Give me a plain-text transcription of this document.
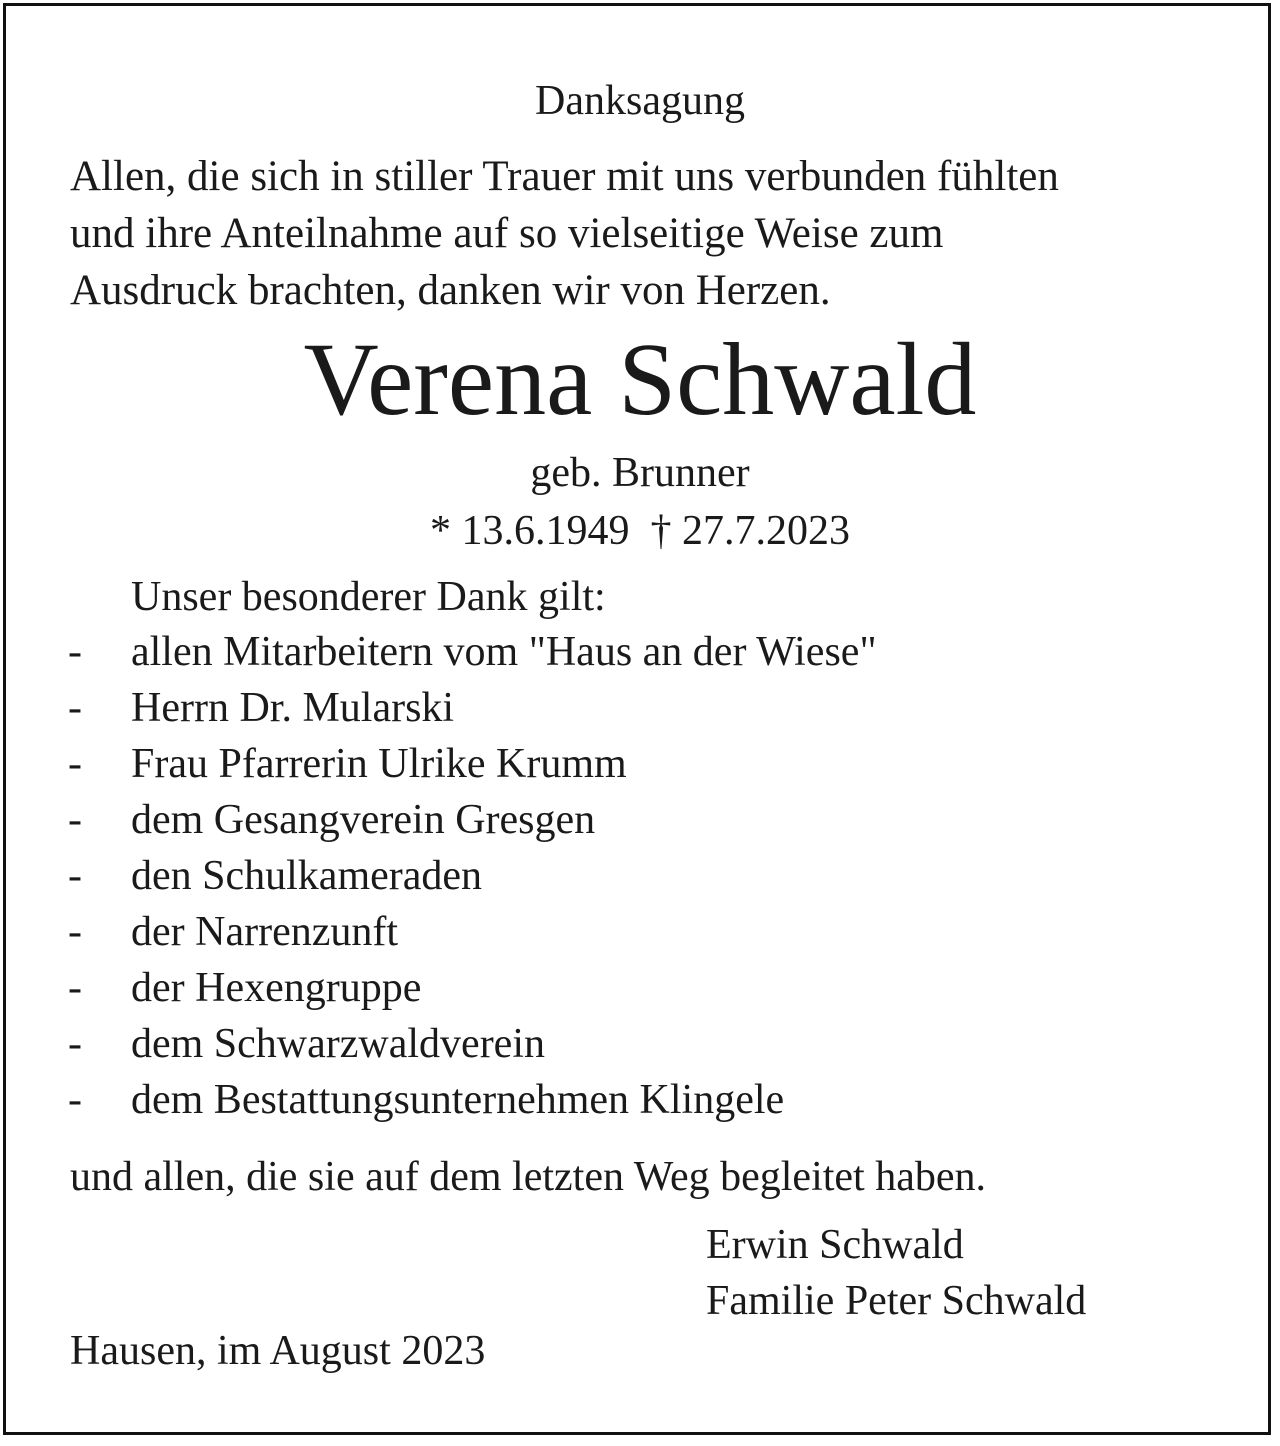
Danksagung
Allen, die sich in stiller Trauer mit uns verbunden fühlten
und ihre Anteilnahme auf so vielseitige Weise zum
Ausdruck brachten, danken wir von Herzen.
Verena Schwald
geb. Brunner
* 13.6.1949  † 27.7.2023
Unser besonderer Dank gilt:
- allen Mitarbeitern vom "Haus an der Wiese"
- Herrn Dr. Mularski
- Frau Pfarrerin Ulrike Krumm
- dem Gesangverein Gresgen
- den Schulkameraden
- der Narrenzunft
- der Hexengruppe
- dem Schwarzwaldverein
- dem Bestattungsunternehmen Klingele
und allen, die sie auf dem letzten Weg begleitet haben.
Erwin Schwald
Familie Peter Schwald
Hausen, im August 2023
